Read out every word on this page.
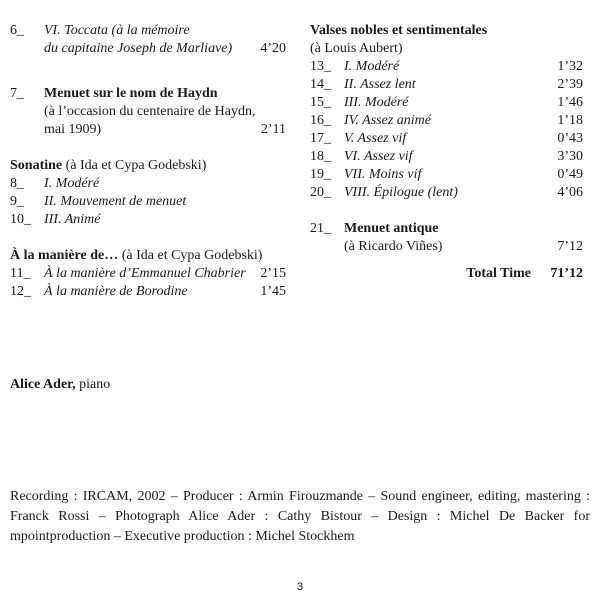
6_	VI. Toccata (à la mémoire
du capitaine Joseph de Marliave)	4’20
7_	Menuet sur le nom de Haydn
(à l’occasion du centenaire de Haydn,
mai 1909)	2’11
Sonatine (à Ida et Cypa Godebski)
8_	I. Modéré
9_	II. Mouvement de menuet
10_ III. Animé
À la manière de… (à Ida et Cypa Godebski)
11_ À la manière d’Emmanuel Chabrier	2’15
12_ À la manière de Borodine	1’45
Valses nobles et sentimentales
(à Louis Aubert)
13_ I. Modéré	1’32
14_ II. Assez lent	2’39
15_ III. Modéré	1’46
16_ IV. Assez animé	1’18
17_ V. Assez vif	0’43
18_ VI. Assez vif	3’30
19_ VII. Moins vif	0’49
20_ VIII. Épilogue (lent)	4’06
21_ Menuet antique
(à Ricardo Viñes)	7’12
Total Time	71’12
Alice Ader, piano
Recording : IRCAM, 2002 – Producer : Armin Firouzmande – Sound engineer, editing, mastering : Franck Rossi – Photograph Alice Ader : Cathy Bistour – Design : Michel De Backer for mpointproduction – Executive production : Michel Stockhem
3
